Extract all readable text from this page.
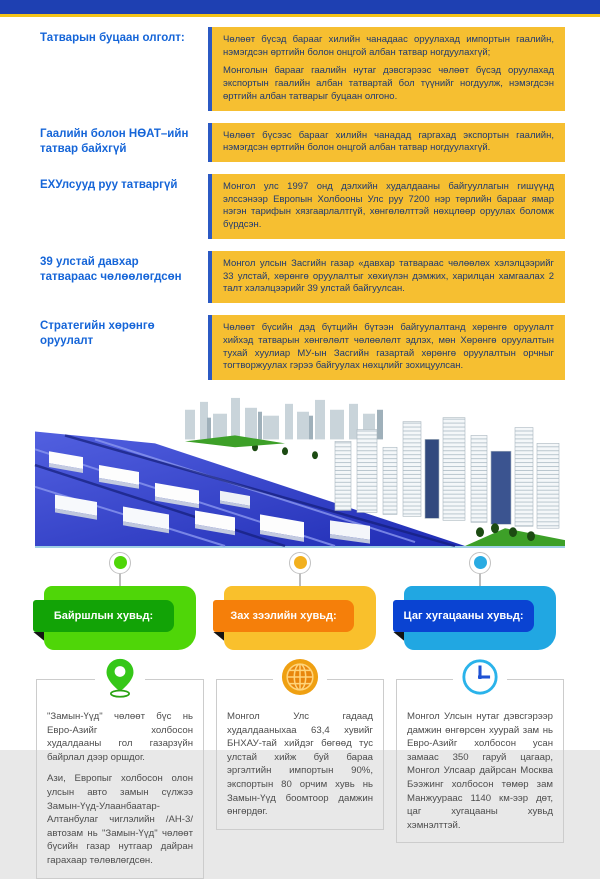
Татварын буцаан олголт:	Чөлөөт бүсэд барааг хилийн чанадаас оруулахад импортын гаалийн, нэмэгдсэн өртгийн болон онцгой албан татвар ногдуулахгүй;

Монголын барааг гаалийн нутаг дэвсгэрээс чөлөөт бүсэд оруулахад экспортын гаалийн албан татвартай бол түүнийг ногдуулж, нэмэгдсэн өртгийн албан татварыг буцаан олгоно.

Гаалийн болон НӨАТ–ийн татвар байхгүй

Чөлөөт бүсээс барааг хилийн чанадад гаргахад экспортын гаалийн, нэмэгдсэн өртгийн болон онцгой албан татвар ногдуулахгүй.

ЕХУлсууд руу татваргүй	Монгол улс 1997 онд дэлхийн худалдааны байгууллагын гишүүнд элссэнээр Европын Холбооны Улс руу 7200 нэр төрлийн барааг ямар нэгэн тарифын хязгаарлалтгүй, хөнгөлөлттэй нөхцлөөр оруулах боломж бүрдсэн.

39 улстай давхар татвараас чөлөөлөгдсөн

Монгол улсын Засгийн газар «давхар татвараас чөлөөлөх хэлэлцээрийг 33 улстай, хөрөнгө оруулалтыг хөхиүлэн дэмжих, харилцан хамгаалах 2 талт хэлэлцээрийг 39 улстай байгуулсан.

Стратегийн хөрөнгө оруулалт

Чөлөөт бүсийн дэд бүтцийн бүтээн байгуулалтанд хөрөнгө оруулалт хийхэд татварын хөнгөлөлт чөлөөлөлт эдлэх, мөн Хөрөнгө оруулалтын тухай хуулиар МУ-ын Засгийн газартай хөрөнгө оруулалтын орчныг тогтворжуулах гэрээ байгуулах нөхцлийг зохицуулсан.

Байршлын хувьд:

"Замын-Үүд" чөлөөт бүс нь Евро-Азийг холбосон худалдааны гол газарзүйн байрлал дээр оршдог.

Ази, Европыг холбосон олон улсын авто замын сүлжээ Замын-Үүд-Улаанбаатар-Алтанбулаг чиглэлийн /АН-3/ автозам нь "Замын-Үүд" чөлөөт бүсийн газар нутгаар дайран гарахаар төлөвлөгдсөн.

Зах зээлийн хувьд:

Монгол Улс гадаад худалдааныхаа 63,4 хувийг БНХАУ-тай хийдэг бөгөөд тус улстай хийж буй бараа эргэлтийн импортын 90%, экспортын 80 орчим хувь нь Замын-Үүд боомтоор дамжин өнгөрдөг.

Цаг хугацааны хувьд:

Монгол Улсын нутаг дэвсгэрээр дамжин өнгөрсөн хуурай зам нь Евро-Азийг холбосон усан замаас 350 гаруй цагаар, Монгол Улсаар дайрсан Москва Бээжинг холбосон төмөр зам Манжуураас 1140 км-ээр дөт, цаг хугацааны хувьд хэмнэлттэй.
